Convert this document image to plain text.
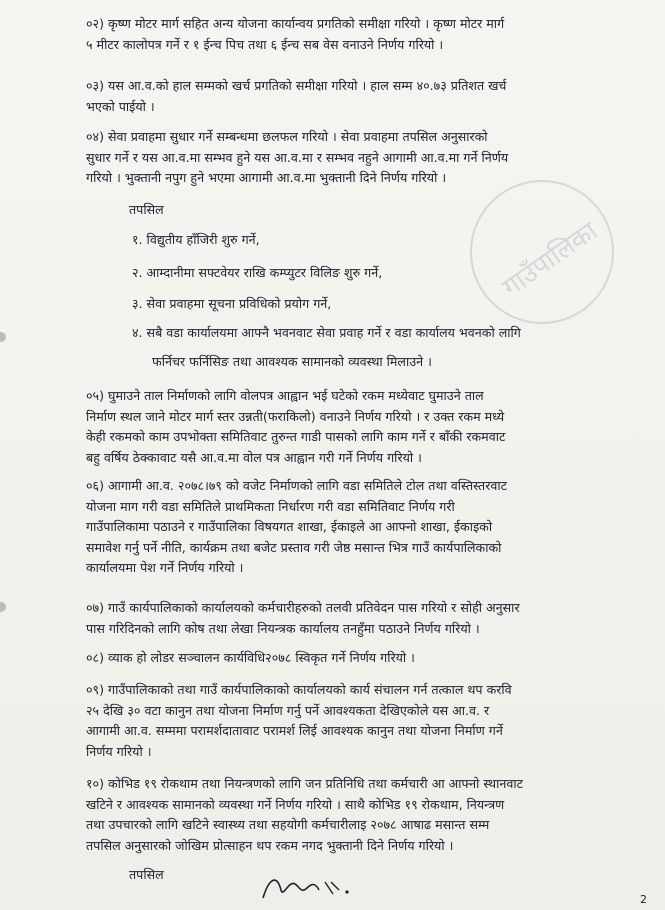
गाउँपालिका

०२) कृष्ण मोटर मार्ग सहित अन्य योजना कार्यान्वय प्रगतिको समीक्षा गरियो । कृष्ण मोटर मार्ग
५ मीटर कालोपत्र गर्ने र १ ईन्च पिच तथा ६ ईन्च सब वेस वनाउने निर्णय गरियो ।

०३) यस आ.व.को हाल सम्मको खर्च प्रगतिको समीक्षा गरियो । हाल सम्म ४०.७३ प्रतिशत खर्च
भएको पाईयो ।

०४) सेवा प्रवाहमा सुधार गर्ने सम्बन्धमा छलफल गरियो । सेवा प्रवाहमा तपसिल अनुसारको
सुधार गर्ने र यस आ.व.मा सम्भव हुने यस आ.व.मा र सम्भव नहुने आगामी आ.व.मा गर्ने निर्णय
गरियो । भुक्तानी नपुग हुने भएमा आगामी आ.व.मा भुक्तानी दिने निर्णय गरियो ।

तपसिल
१. विद्युतीय हाँजिरी शुरु गर्ने,
२. आम्दानीमा सफ्टवेयर राखि कम्प्युटर विलिङ शुरु गर्ने,
३. सेवा प्रवाहमा सूचना प्रविधिको प्रयोग गर्ने,
४. सबै वडा कार्यालयमा आफ्नै भवनवाट सेवा प्रवाह गर्ने र वडा कार्यालय भवनको लागि
फर्निचर फर्निसिङ तथा आवश्यक सामानको व्यवस्था मिलाउने ।

०५) घुमाउने ताल निर्माणको लागि वोलपत्र आह्वान भई घटेको रकम मध्येवाट घुमाउने ताल
निर्माण स्थल जाने मोटर मार्ग स्तर उन्नती(फराकिलो) वनाउने निर्णय गरियो । र उक्त रकम मध्ये
केही रकमको काम उपभोक्ता समितिवाट तुरुन्त गाडी पासको लागि काम गर्ने र बाँकी रकमवाट
बहु वर्षिय ठेक्कावाट यसै आ.व.मा वोल पत्र आह्वान गरी गर्ने निर्णय गरियो ।

०६) आगामी आ.व. २०७८।७९ को वजेट निर्माणको लागि वडा समितिले टोल तथा वस्तिस्तरवाट
योजना माग गरी वडा समितिले प्राथमिकता निर्धारण गरी वडा समितिवाट निर्णय गरी
गाउँपालिकामा पठाउने र गाउँपालिका विषयगत शाखा, ईकाइले आ आफ्नो शाखा, ईकाइको
समावेश गर्नु पर्ने नीति, कार्यक्रम तथा बजेट प्रस्ताव गरी जेष्ठ मसान्त भित्र गाउँ कार्यपालिकाको
कार्यालयमा पेश गर्ने निर्णय गरियो ।

०७) गाउँ कार्यपालिकाको कार्यालयको कर्मचारीहरुको तलवी प्रतिवेदन पास गरियो र सोही अनुसार
पास गरिदिनको लागि कोष तथा लेखा नियन्त्रक कार्यालय तनहुँमा पठाउने निर्णय गरियो ।

०८) व्याक हो लोडर सञ्चालन कार्यविधि२०७८ स्विकृत गर्ने निर्णय गरियो ।

०९) गाउँपालिकाको तथा गाउँ कार्यपालिकाको कार्यालयको कार्य संचालन गर्न तत्काल थप करवि
२५ देखि ३० वटा कानुन तथा योजना निर्माण गर्नु पर्ने आवश्यकता देखिएकोले यस आ.व. र
आगामी आ.व. सम्ममा परामर्शदातावाट परामर्श लिई आवश्यक कानुन तथा योजना निर्माण गर्ने
निर्णय गरियो ।

१०) कोभिड १९ रोकथाम तथा नियन्त्रणको लागि जन प्रतिनिधि तथा कर्मचारी आ आफ्नो स्थानवाट
खटिने र आवश्यक सामानको व्यवस्था गर्ने निर्णय गरियो । साथै कोभिड १९ रोकथाम, नियन्त्रण
तथा उपचारको लागि खटिने स्वास्थ्य तथा सहयोगी कर्मचारीलाइ २०७८ आषाढ मसान्त सम्म
तपसिल अनुसारको जोखिम प्रोत्साहन थप रकम नगद भुक्तानी दिने निर्णय गरियो ।

तपसिल
2
